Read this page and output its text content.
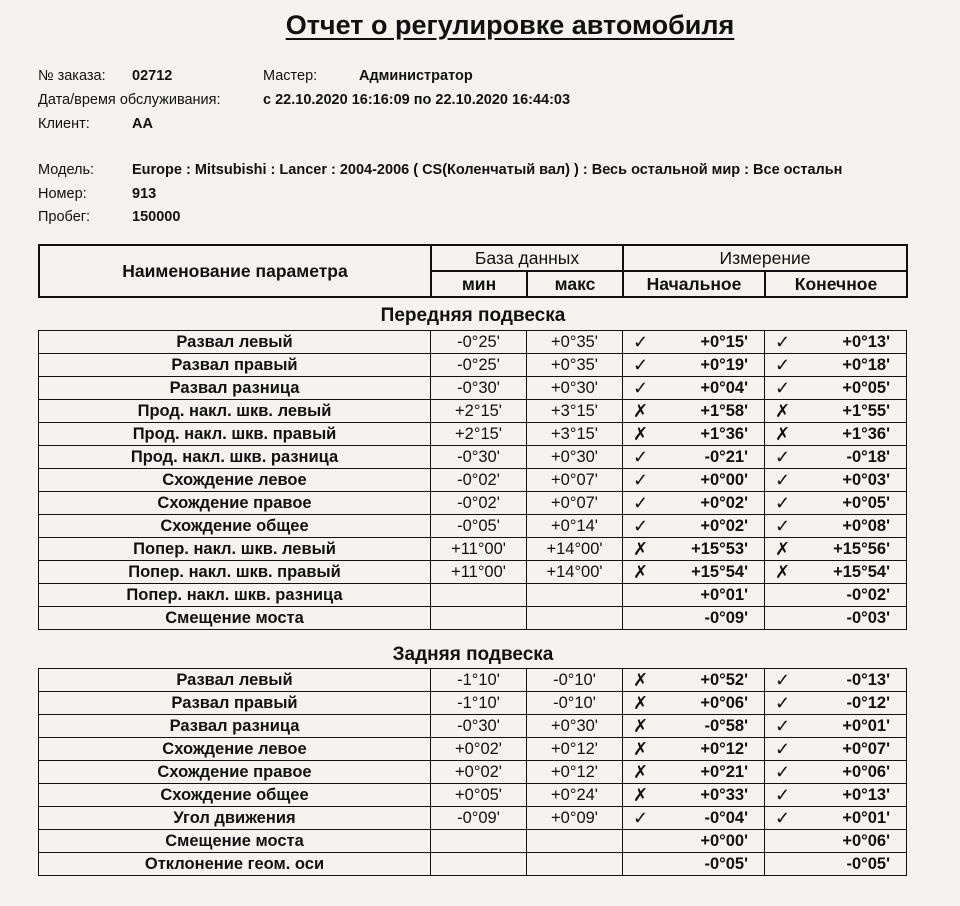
Отчет о регулировке автомобиля
№ заказа: 02712	Мастер:	Администратор
Дата/время обслуживания:	с 22.10.2020 16:16:09 по 22.10.2020 16:44:03
Клиент:	АА
Модель:	Europe : Mitsubishi : Lancer : 2004-2006 ( CS(Коленчатый вал) ) : Весь остальной мир : Все остальн
Номер:	913
Пробег:	150000
Наименование параметра	База данных		Измерение	
	мин	макс	Начальное	Конечное
Передняя подвеска
Развал левый	-0°25'	+0°35'	✓	+0°15'	✓	+0°13'
Развал правый	-0°25'	+0°35'	✓	+0°19'	✓	+0°18'
Развал разница	-0°30'	+0°30'	✓	+0°04'	✓	+0°05'
Прод. накл. шкв. левый	+2°15'	+3°15'	✗	+1°58'	✗	+1°55'
Прод. накл. шкв. правый	+2°15'	+3°15'	✗	+1°36'	✗	+1°36'
Прод. накл. шкв. разница	-0°30'	+0°30'	✓	-0°21'	✓	-0°18'
Схождение левое	-0°02'	+0°07'	✓	+0°00'	✓	+0°03'
Схождение правое	-0°02'	+0°07'	✓	+0°02'	✓	+0°05'
Схождение общее	-0°05'	+0°14'	✓	+0°02'	✓	+0°08'
Попер. накл. шкв. левый	+11°00'	+14°00'	✗	+15°53'	✗	+15°56'
Попер. накл. шкв. правый	+11°00'	+14°00'	✗	+15°54'	✗	+15°54'
Попер. накл. шкв. разница				+0°01'		-0°02'
Смещение моста				-0°09'		-0°03'
Задняя подвеска
Развал левый	-1°10'	-0°10'	✗	+0°52'	✓	-0°13'
Развал правый	-1°10'	-0°10'	✗	+0°06'	✓	-0°12'
Развал разница	-0°30'	+0°30'	✗	-0°58'	✓	+0°01'
Схождение левое	+0°02'	+0°12'	✗	+0°12'	✓	+0°07'
Схождение правое	+0°02'	+0°12'	✗	+0°21'	✓	+0°06'
Схождение общее	+0°05'	+0°24'	✗	+0°33'	✓	+0°13'
Угол движения	-0°09'	+0°09'	✓	-0°04'	✓	+0°01'
Смещение моста				+0°00'		+0°06'
Отклонение геом. оси				-0°05'		-0°05'
